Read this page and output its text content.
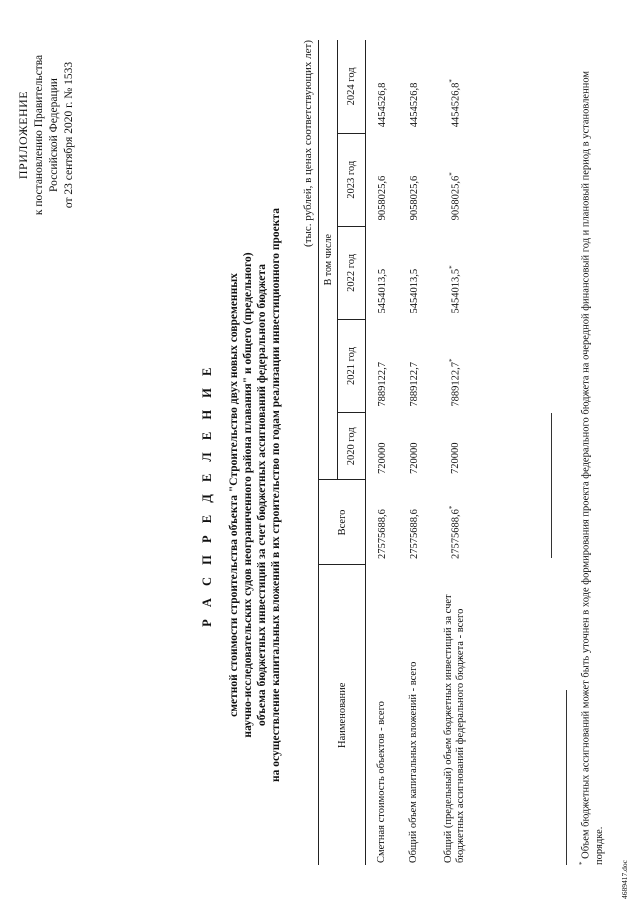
ПРИЛОЖЕНИЕ к постановлению Правительства Российской Федерации от 23 сентября 2020 г. № 1533
Р А С П Р Е Д Е Л Е Н И Е сметной стоимости строительства объекта "Строительство двух новых современных научно-исследовательских судов неограниченного района плавания" и общего (предельного) объема бюджетных инвестиций за счет бюджетных ассигнований федерального бюджета на осуществление капитальных вложений в их строительство по годам реализации инвестиционного проекта
(тыс. рублей, в ценах соответствующих лет)
Наименование	Всего	В том числе				
		2020 год	2021 год	2022 год	2023 год	2024 год
Сметная стоимость объектов - всего	27575688,6	720000	7889122,7	5454013,5	9058025,6	4454526,8
Общий объем капитальных вложений - всего	27575688,6	720000	7889122,7	5454013,5	9058025,6	4454526,8
Общий (предельный) объем бюджетных инвестиций за счет бюджетных ассигнований федерального бюджета - всего	27575688,6*	720000	7889122,7*	5454013,5*	9058025,6*	4454526,8*
* Объем бюджетных ассигнований может быть уточнен в ходе формирования проекта федерального бюджета на очередной финансовый год и плановый период в установленном порядке.
4689417.doc
